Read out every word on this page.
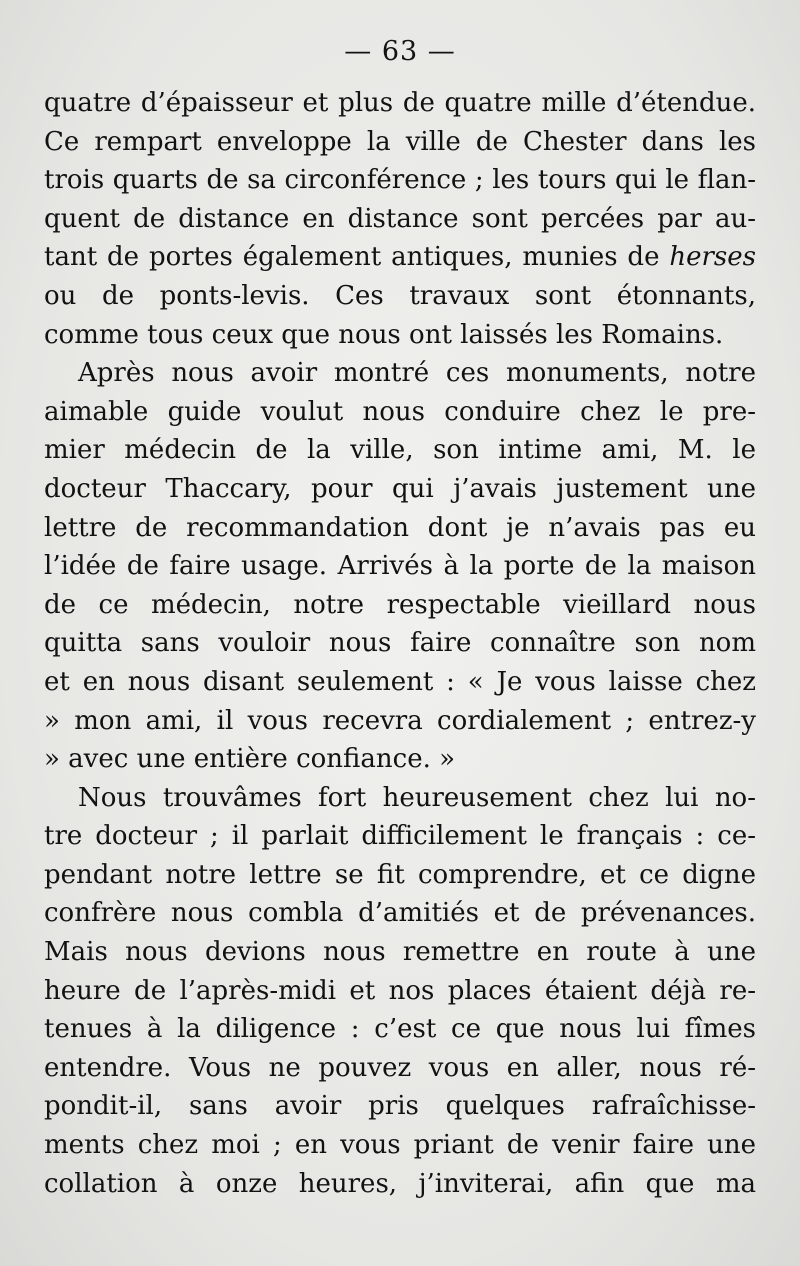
— 63 —
quatre d’épaisseur et plus de quatre mille d’étendue.
Ce rempart enveloppe la ville de Chester dans les
trois quarts de sa circonférence ; les tours qui le flan-
quent de distance en distance sont percées par au-
tant de portes également antiques, munies de herses
ou de ponts-levis. Ces travaux sont étonnants,
comme tous ceux que nous ont laissés les Romains.
Après nous avoir montré ces monuments, notre
aimable guide voulut nous conduire chez le pre-
mier médecin de la ville, son intime ami, M. le
docteur Thaccary, pour qui j’avais justement une
lettre de recommandation dont je n’avais pas eu
l’idée de faire usage. Arrivés à la porte de la maison
de ce médecin, notre respectable vieillard nous
quitta sans vouloir nous faire connaître son nom
et en nous disant seulement : « Je vous laisse chez
» mon ami, il vous recevra cordialement ; entrez-y
» avec une entière confiance. »
Nous trouvâmes fort heureusement chez lui no-
tre docteur ; il parlait difficilement le français : ce-
pendant notre lettre se fit comprendre, et ce digne
confrère nous combla d’amitiés et de prévenances.
Mais nous devions nous remettre en route à une
heure de l’après-midi et nos places étaient déjà re-
tenues à la diligence : c’est ce que nous lui fîmes
entendre. Vous ne pouvez vous en aller, nous ré-
pondit-il, sans avoir pris quelques rafraîchisse-
ments chez moi ; en vous priant de venir faire une
collation à onze heures, j’inviterai, afin que ma
